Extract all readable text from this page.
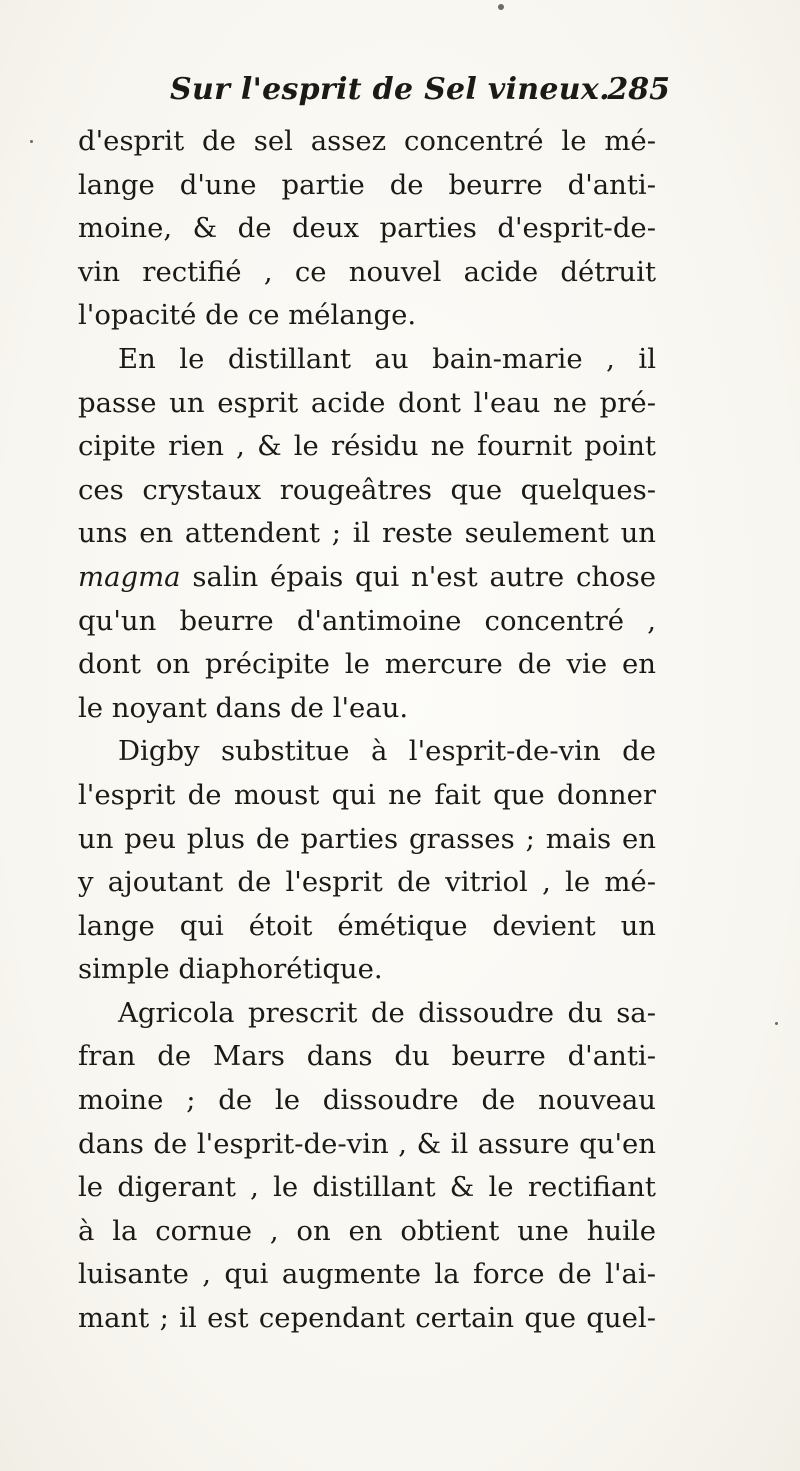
Sur l'esprit de Sel vineux.
285
d'esprit de sel assez concentré le mé-
lange d'une partie de beurre d'anti-
moine, & de deux parties d'esprit-de-
vin rectifié , ce nouvel acide détruit
l'opacité de ce mélange.
En le distillant au bain-marie , il
passe un esprit acide dont l'eau ne pré-
cipite rien , & le résidu ne fournit point
ces crystaux rougeâtres que quelques-
uns en attendent ; il reste seulement un
magma salin épais qui n'est autre chose
qu'un beurre d'antimoine concentré ,
dont on précipite le mercure de vie en
le noyant dans de l'eau.
Digby substitue à l'esprit-de-vin de
l'esprit de moust qui ne fait que donner
un peu plus de parties grasses ; mais en
y ajoutant de l'esprit de vitriol , le mé-
lange qui étoit émétique devient un
simple diaphorétique.
Agricola prescrit de dissoudre du sa-
fran de Mars dans du beurre d'anti-
moine ; de le dissoudre de nouveau
dans de l'esprit-de-vin , & il assure qu'en
le digerant , le distillant & le rectifiant
à la cornue , on en obtient une huile
luisante , qui augmente la force de l'ai-
mant ; il est cependant certain que quel-
